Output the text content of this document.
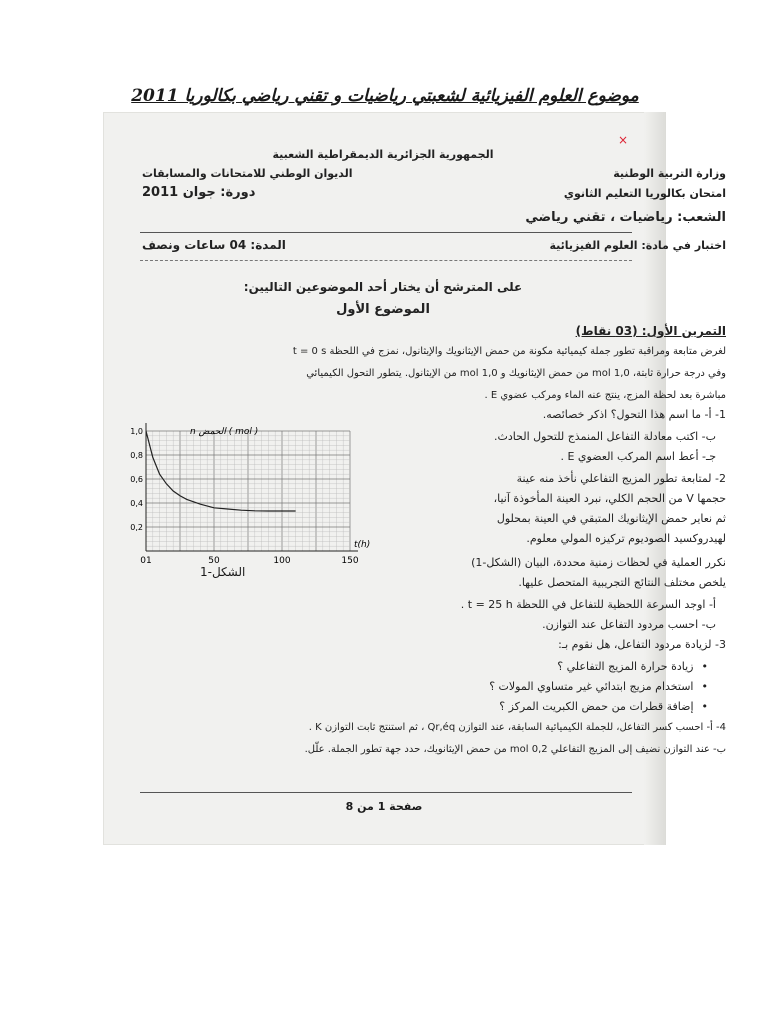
موضوع العلوم الفيزيائية لشعبتي رياضيات و تقني رياضي بكالوريا 2011
×
الجمهورية الجزائرية الديمقراطية الشعبية
وزارة التربية الوطنية
الديوان الوطني للامتحانات والمسابقات
امتحان بكالوريا التعليم الثانوي
دورة: جوان 2011
الشعب: رياضيات ، تقني رياضي
اختبار في مادة: العلوم الفيزيائية
المدة: 04 ساعات ونصف
على المترشح أن يختار أحد الموضوعين التاليين:
الموضوع الأول
التمرين الأول: (03 نقاط)
لغرض متابعة ومراقبة تطور جملة كيميائية مكونة من حمض الإيثانويك والإيثانول، نمزج في اللحظة t = 0 s
وفي درجة حرارة ثابتة، 1,0 mol من حمض الإيثانويك و 1,0 mol من الإيثانول. يتطور التحول الكيميائي
مباشرة بعد لحظة المزج، ينتج عنه الماء ومركب عضوي E .
1- أ- ما اسم هذا التحول؟ اذكر خصائصه.
ب- اكتب معادلة التفاعل المنمذج للتحول الحادث.
جـ- أعط اسم المركب العضوي E .
2- لمتابعة تطور المزيج التفاعلي نأخذ منه عينة
حجمها V من الحجم الكلي، نبرد العينة المأخوذة آنيا،
ثم نعاير حمض الإيثانويك المتبقي في العينة بمحلول
لهيدروكسيد الصوديوم تركيزه المولي معلوم.
نكرر العملية في لحظات زمنية محددة، البيان (الشكل-1)
يلخص مختلف النتائج التجريبية المتحصل عليها.
أ- اوجد السرعة اللحظية للتفاعل في اللحظة t = 25 h .
ب- احسب مردود التفاعل عند التوازن.
3- لزيادة مردود التفاعل، هل نقوم بـ:
• زيادة حرارة المزيج التفاعلي ؟
• استخدام مزيج ابتدائي غير متساوي المولات ؟
• إضافة قطرات من حمض الكبريت المركز ؟
4- أ- احسب كسر التفاعل، للجملة الكيميائية السابقة، عند التوازن Qr,éq ، ثم استنتج ثابت التوازن K .
ب- عند التوازن نضيف إلى المزيج التفاعلي 0,2 mol من حمض الإيثانويك، حدد جهة تطور الجملة. علّل.
01	50	100	150
0,2
0,4
0,6
0,8
1,0	n الحمض ( mol )
t(h)
الشكل-1
صفحة 1 من 8
